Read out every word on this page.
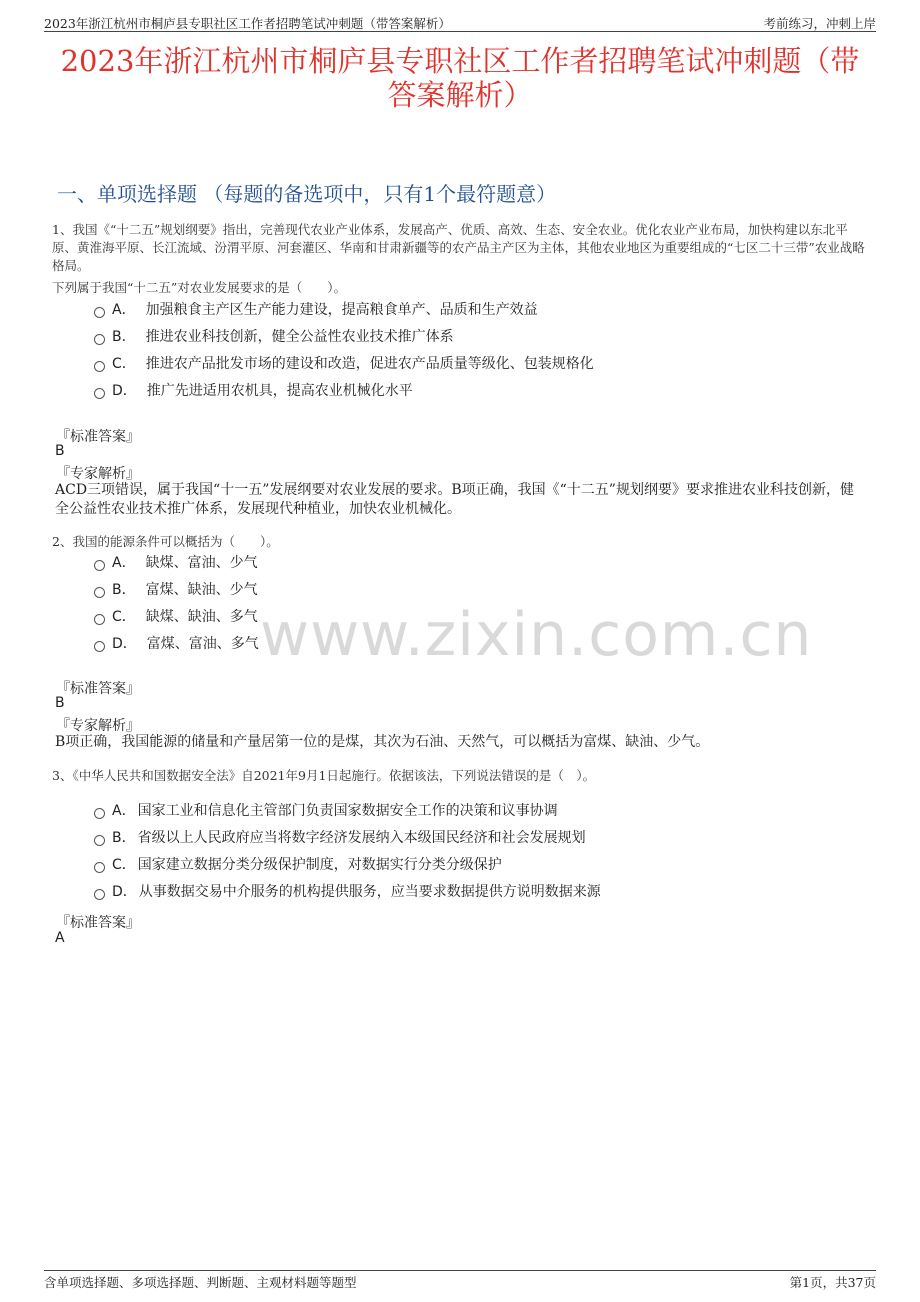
2023年浙江杭州市桐庐县专职社区工作者招聘笔试冲刺题（带答案解析）	考前练习，冲刺上岸
2023年浙江杭州市桐庐县专职社区工作者招聘笔试冲刺题（带答案解析）
一、单项选择题 （每题的备选项中，只有1个最符题意）
1、我国《“十二五”规划纲要》指出，完善现代农业产业体系，发展高产、优质、高效、生态、安全农业。优化农业产业布局，加快构建以东北平原、黄淮海平原、长江流域、汾渭平原、河套灌区、华南和甘肃新疆等的农产品主产区为主体，其他农业地区为重要组成的“七区二十三带”农业战略格局。
下列属于我国“十二五”对农业发展要求的是（　　）。
A． 加强粮食主产区生产能力建设，提高粮食单产、品质和生产效益
B． 推进农业科技创新，健全公益性农业技术推广体系
C． 推进农产品批发市场的建设和改造，促进农产品质量等级化、包装规格化
D． 推广先进适用农机具，提高农业机械化水平
『标准答案』
B
『专家解析』
ACD三项错误，属于我国“十一五”发展纲要对农业发展的要求。B项正确，我国《“十二五”规划纲要》要求推进农业科技创新，健全公益性农业技术推广体系，发展现代种植业，加快农业机械化。
2、我国的能源条件可以概括为（　　）。
A． 缺煤、富油、少气
B． 富煤、缺油、少气
C． 缺煤、缺油、多气
D． 富煤、富油、多气 www.zixin.com.cn
『标准答案』
B
『专家解析』
B项正确，我国能源的储量和产量居第一位的是煤，其次为石油、天然气，可以概括为富煤、缺油、少气。
3、《中华人民共和国数据安全法》自2021年9月1日起施行。依据该法，下列说法错误的是（　）。
A． 国家工业和信息化主管部门负责国家数据安全工作的决策和议事协调
B． 省级以上人民政府应当将数字经济发展纳入本级国民经济和社会发展规划
C． 国家建立数据分类分级保护制度，对数据实行分类分级保护
D． 从事数据交易中介服务的机构提供服务，应当要求数据提供方说明数据来源
『标准答案』
A
含单项选择题、多项选择题、判断题、主观材料题等题型	第1页，共37页
